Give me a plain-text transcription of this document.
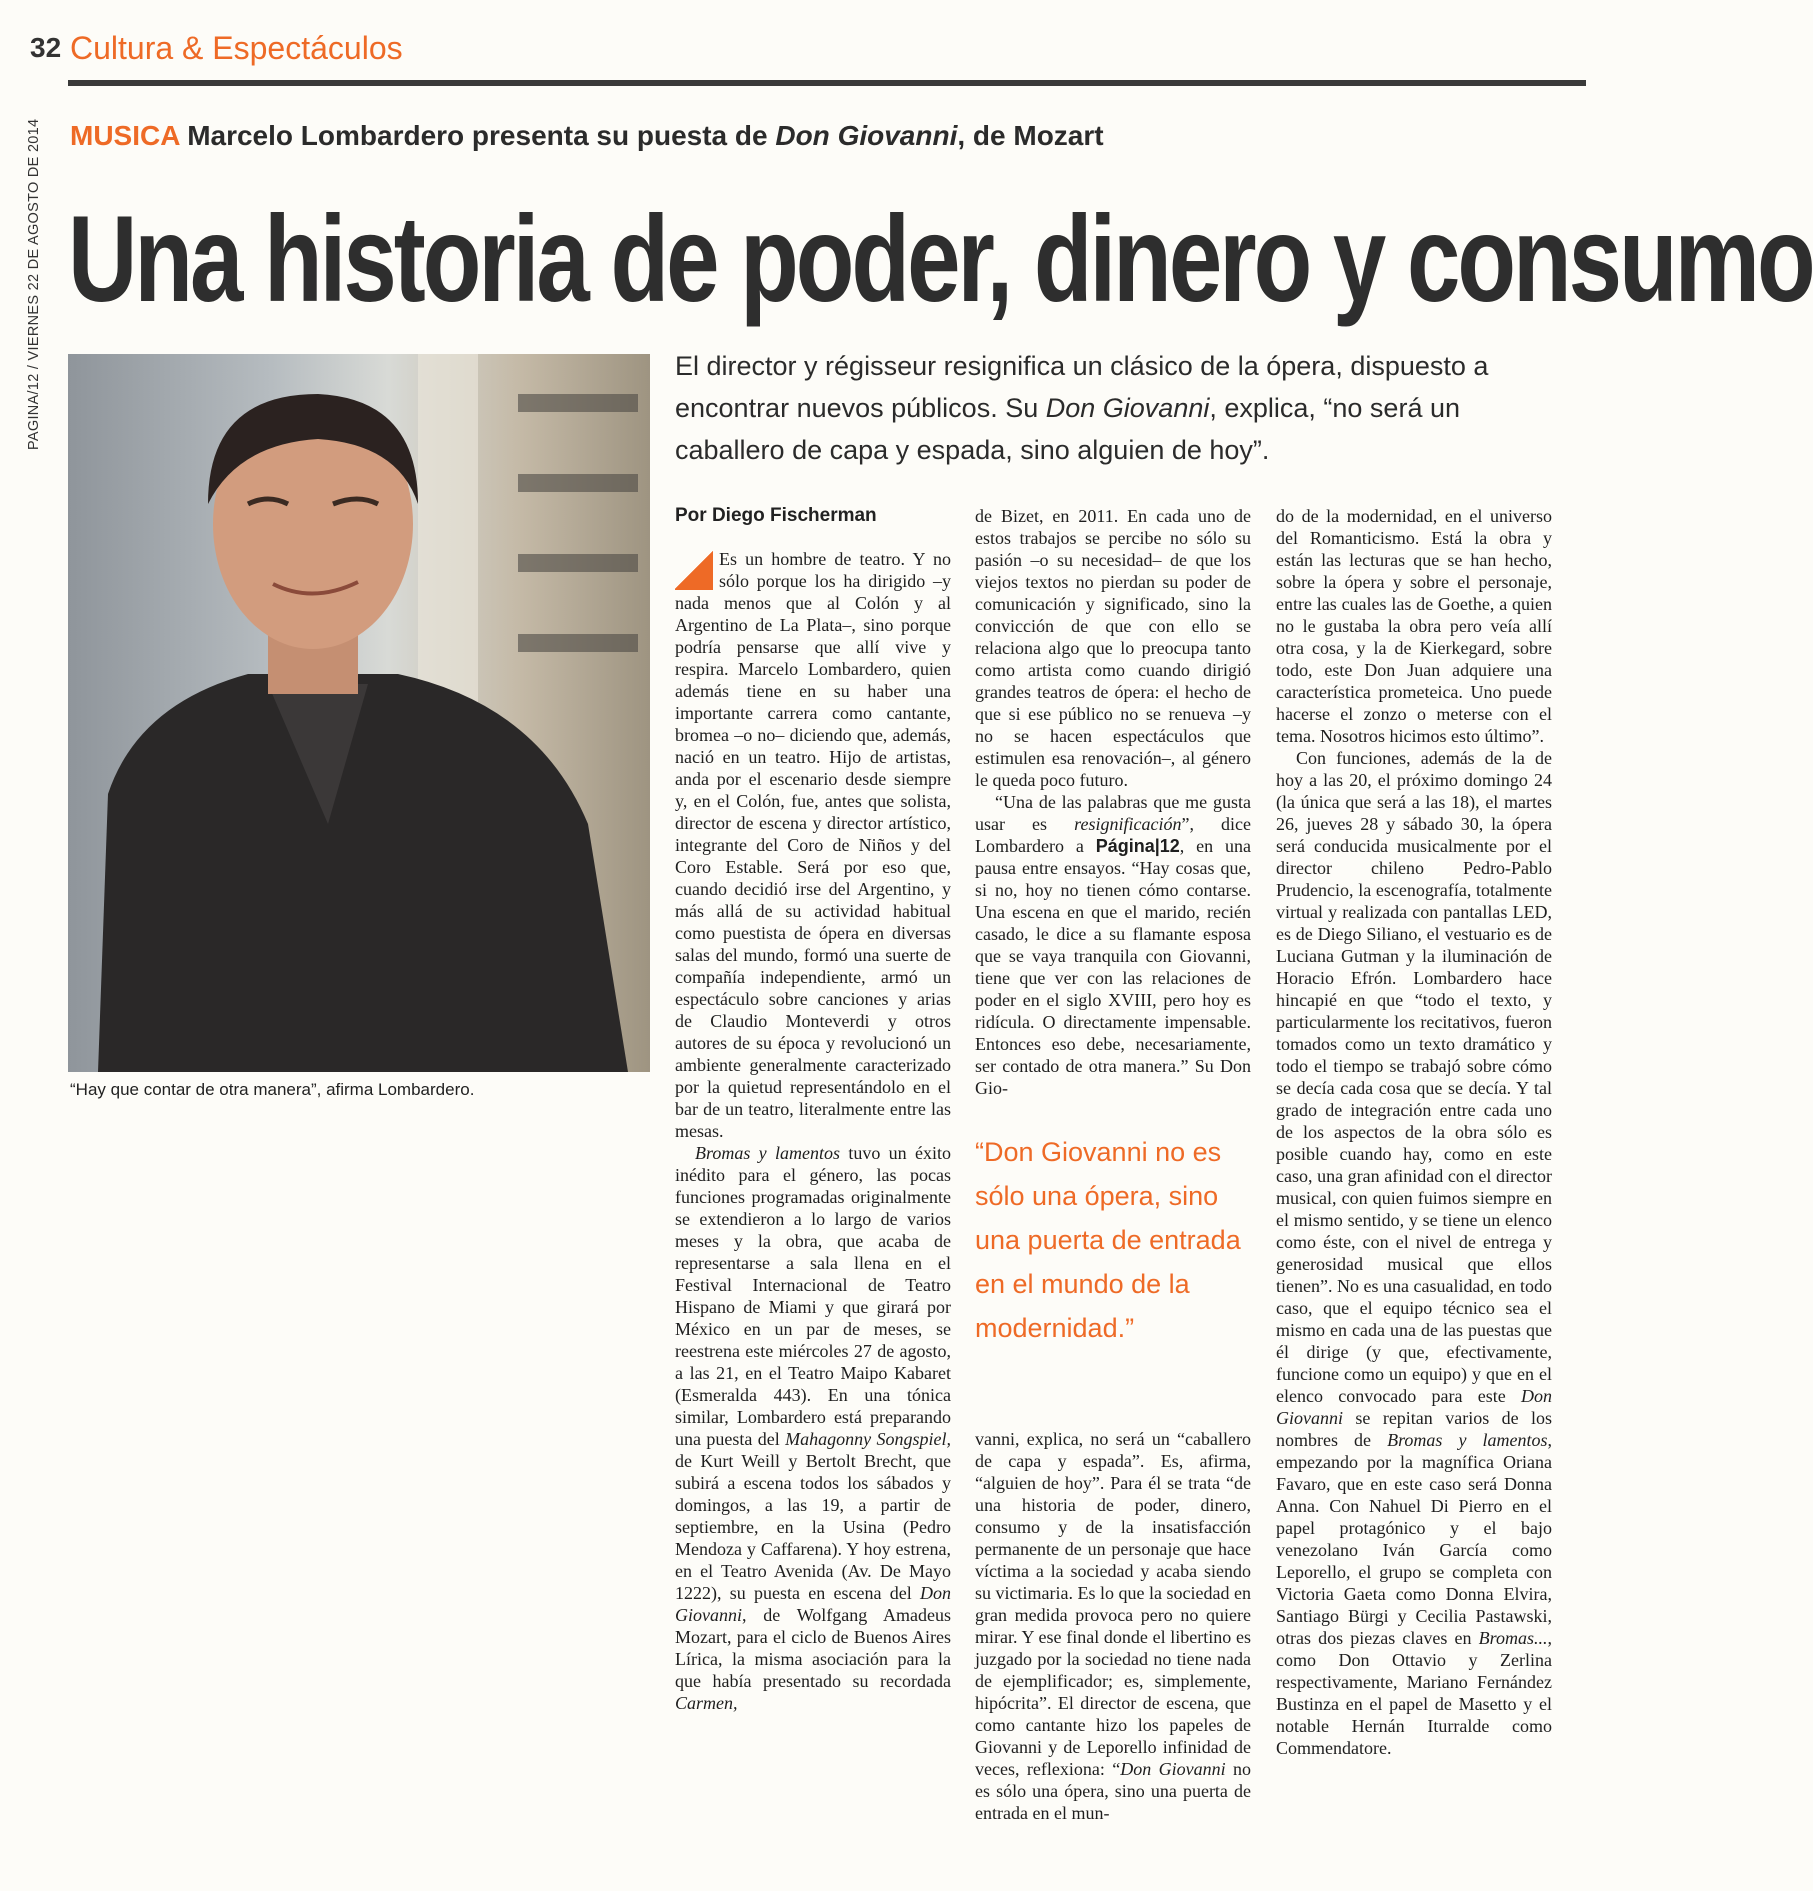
32 Cultura & Espectáculos
PAGINA/12 / VIERNES 22 DE AGOSTO DE 2014 MUSICA Marcelo Lombardero presenta su puesta de Don Giovanni, de Mozart
Una historia de poder, dinero y consumo
“Hay que contar de otra manera”, afirma Lombardero.
El director y régisseur resignifica un clásico de la ópera, dispuesto a encontrar nuevos públicos. Su Don Giovanni, explica, “no será un caballero de capa y espada, sino alguien de hoy”.
Por Diego Fischerman

Es un hombre de teatro. Y no sólo porque los ha dirigido –y nada menos que al Colón y al Argentino de La Plata–, sino porque podría pensarse que allí vive y respira. Marcelo Lombardero, quien además tiene en su haber una importante carrera como cantante, bromea –o no– diciendo que, además, nació en un teatro. Hijo de artistas, anda por el escenario desde siempre y, en el Colón, fue, antes que solista, director de escena y director artístico, integrante del Coro de Niños y del Coro Estable. Será por eso que, cuando decidió irse del Argentino, y más allá de su actividad habitual como puestista de ópera en diversas salas del mundo, formó una suerte de compañía independiente, armó un espectáculo sobre canciones y arias de Claudio Monteverdi y otros autores de su época y revolucionó un ambiente generalmente caracterizado por la quietud representándolo en el bar de un teatro, literalmente entre las mesas.

Bromas y lamentos tuvo un éxito inédito para el género, las pocas funciones programadas originalmente se extendieron a lo largo de varios meses y la obra, que acaba de representarse a sala llena en el Festival Internacional de Teatro Hispano de Miami y que girará por México en un par de meses, se reestrena este miércoles 27 de agosto, a las 21, en el Teatro Maipo Kabaret (Esmeralda 443). En una tónica similar, Lombardero está preparando una puesta del Mahagonny Songspiel, de Kurt Weill y Bertolt Brecht, que subirá a escena todos los sábados y domingos, a las 19, a partir de septiembre, en la Usina (Pedro Mendoza y Caffarena). Y hoy estrena, en el Teatro Avenida (Av. De Mayo 1222), su puesta en escena del Don Giovanni, de Wolfgang Amadeus Mozart, para el ciclo de Buenos Aires Lírica, la misma asociación para la que había presentado su recordada Carmen,

de Bizet, en 2011. En cada uno de estos trabajos se percibe no sólo su pasión –o su necesidad– de que los viejos textos no pierdan su poder de comunicación y significado, sino la convicción de que con ello se relaciona algo que lo preocupa tanto como artista como cuando dirigió grandes teatros de ópera: el hecho de que si ese público no se renueva –y no se hacen espectáculos que estimulen esa renovación–, al género le queda poco futuro.

“Una de las palabras que me gusta usar es resignificación”, dice Lombardero a Página|12, en una pausa entre ensayos. “Hay cosas que, si no, hoy no tienen cómo contarse. Una escena en que el marido, recién casado, le dice a su flamante esposa que se vaya tranquila con Giovanni, tiene que ver con las relaciones de poder en el siglo XVIII, pero hoy es ridícula. O directamente impensable. Entonces eso debe, necesariamente, ser contado de otra manera.” Su Don Gio-

“Don Giovanni no es sólo una ópera, sino una puerta de entrada en el mundo de la modernidad.”

vanni, explica, no será un “caballero de capa y espada”. Es, afirma, “alguien de hoy”. Para él se trata “de una historia de poder, dinero, consumo y de la insatisfacción permanente de un personaje que hace víctima a la sociedad y acaba siendo su victimaria. Es lo que la sociedad en gran medida provoca pero no quiere mirar. Y ese final donde el libertino es juzgado por la sociedad no tiene nada de ejemplificador; es, simplemente, hipócrita”. El director de escena, que como cantante hizo los papeles de Giovanni y de Leporello infinidad de veces, reflexiona: “Don Giovanni no es sólo una ópera, sino una puerta de entrada en el mun-

do de la modernidad, en el universo del Romanticismo. Está la obra y están las lecturas que se han hecho, sobre la ópera y sobre el personaje, entre las cuales las de Goethe, a quien no le gustaba la obra pero veía allí otra cosa, y la de Kierkegard, sobre todo, este Don Juan adquiere una característica prometeica. Uno puede hacerse el zonzo o meterse con el tema. Nosotros hicimos esto último”.

Con funciones, además de la de hoy a las 20, el próximo domingo 24 (la única que será a las 18), el martes 26, jueves 28 y sábado 30, la ópera será conducida musicalmente por el director chileno Pedro-Pablo Prudencio, la escenografía, totalmente virtual y realizada con pantallas LED, es de Diego Siliano, el vestuario es de Luciana Gutman y la iluminación de Horacio Efrón. Lombardero hace hincapié en que “todo el texto, y particularmente los recitativos, fueron tomados como un texto dramático y todo el tiempo se trabajó sobre cómo se decía cada cosa que se decía. Y tal grado de integración entre cada uno de los aspectos de la obra sólo es posible cuando hay, como en este caso, una gran afinidad con el director musical, con quien fuimos siempre en el mismo sentido, y se tiene un elenco como éste, con el nivel de entrega y generosidad musical que ellos tienen”. No es una casualidad, en todo caso, que el equipo técnico sea el mismo en cada una de las puestas que él dirige (y que, efectivamente, funcione como un equipo) y que en el elenco convocado para este Don Giovanni se repitan varios de los nombres de Bromas y lamentos, empezando por la magnífica Oriana Favaro, que en este caso será Donna Anna. Con Nahuel Di Pierro en el papel protagónico y el bajo venezolano Iván García como Leporello, el grupo se completa con Victoria Gaeta como Donna Elvira, Santiago Bürgi y Cecilia Pastawski, otras dos piezas claves en Bromas..., como Don Ottavio y Zerlina respectivamente, Mariano Fernández Bustinza en el papel de Masetto y el notable Hernán Iturralde como Commendatore.
